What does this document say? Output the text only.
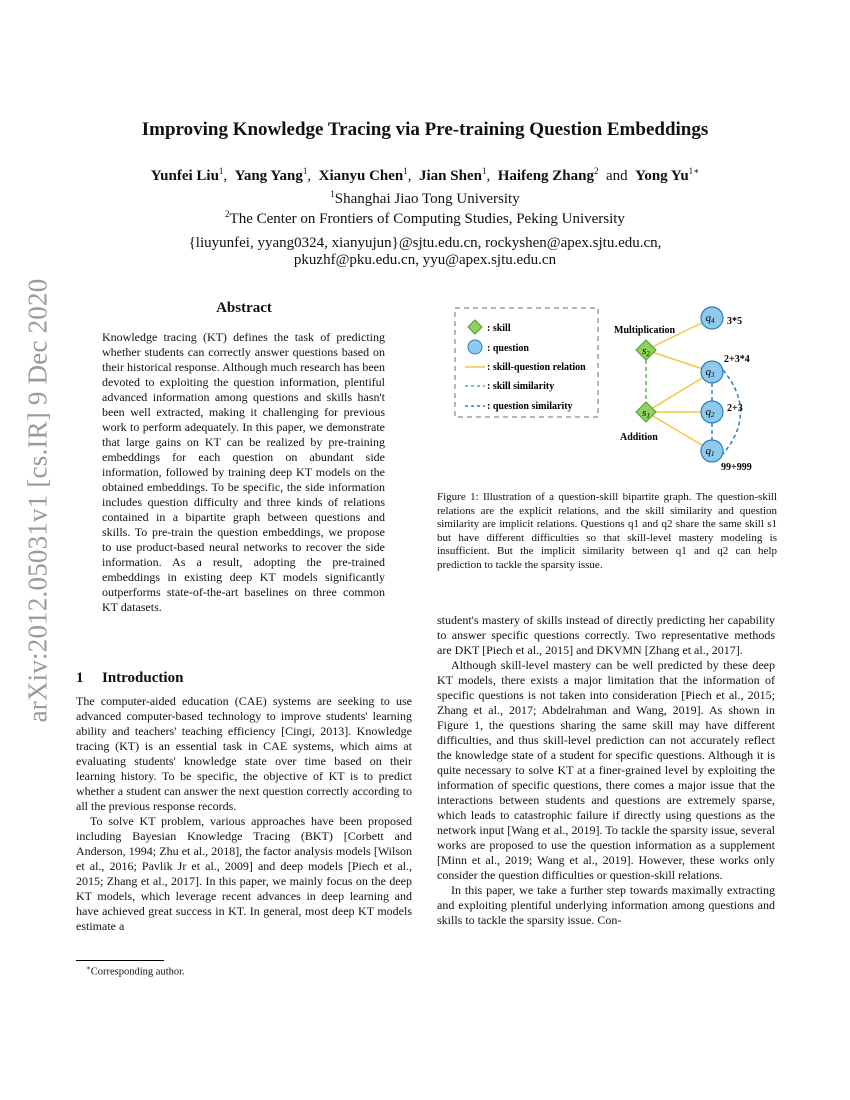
arXiv:2012.05031v1 [cs.IR] 9 Dec 2020
Improving Knowledge Tracing via Pre-training Question Embeddings
Yunfei Liu$^1$,  Yang Yang$^1$,  Xianyu Chen$^1$,  Jian Shen$^1$,  Haifeng Zhang$^2$ and Yong $Yu^{1∗}$
$^1$Shanghai Jiao Tong University
$^2$The Center on Frontiers of Computing Studies, Peking University
{liuyunfei, yyang0324, xianyujun}@sjtu.edu.cn, rockyshen@apex.sjtu.edu.cn,
pkuzhf@pku.edu.cn, yyu@apex.sjtu.edu.cn
Abstract

Knowledge tracing (KT) defines the task of predicting whether students can correctly answer questions based on their historical response. Although much research has been devoted to exploiting the question information, plentiful advanced information among questions and skills hasn't been well extracted, making it challenging for previous work to perform adequately. In this paper, we demonstrate that large gains on KT can be realized by pre-training embeddings for each question on abundant side information, followed by training deep KT models on the obtained embeddings. To be specific, the side information includes question difficulty and three kinds of relations contained in a bipartite graph between questions and skills. To pre-train the question embeddings, we propose to use product-based neural networks to recover the side information. As a result, adopting the pre-trained embeddings in existing deep KT models significantly outperforms state-of-the-art baselines on three common KT datasets.

1 Introduction

The computer-aided education (CAE) systems are seeking to use advanced computer-based technology to improve students' learning ability and teachers' teaching efficiency [Cingi, 2013]. Knowledge tracing (KT) is an essential task in CAE systems, which aims at evaluating students' knowledge state over time based on their learning history. To be specific, the objective of KT is to predict whether a student can answer the next question correctly according to all the previous response records.

To solve KT problem, various approaches have been proposed including Bayesian Knowledge Tracing (BKT) [Corbett and Anderson, 1994; Zhu et al., 2018], the factor analysis models [Wilson et al., 2016; Pavlik Jr et al., 2009] and deep models [Piech et al., 2015; Zhang et al., 2017]. In this paper, we mainly focus on the deep KT models, which leverage recent advances in deep learning and have achieved great success in KT. In general, most deep KT models estimate a

∗Corresponding author.
: skill
: question
: skill-question relation
: skill similarity
: question similarity
s2
Multiplication
s1
Addition
q4 3*5
q3
2+3*4
q2
2+3
q1
99+999

Figure 1: Illustration of a question-skill bipartite graph. The question-skill relations are the explicit relations, and the skill similarity and question similarity are implicit relations. Questions q1 and q2 share the same skill s1 but have different difficulties so that skill-level mastery modeling is insufficient. But the implicit similarity between q1 and q2 can help prediction to tackle the sparsity issue.

student's mastery of skills instead of directly predicting her capability to answer specific questions correctly. Two representative methods are DKT [Piech et al., 2015] and DKVMN [Zhang et al., 2017].

Although skill-level mastery can be well predicted by these deep KT models, there exists a major limitation that the information of specific questions is not taken into consideration [Piech et al., 2015; Zhang et al., 2017; Abdelrahman and Wang, 2019]. As shown in Figure 1, the questions sharing the same skill may have different difficulties, and thus skill-level prediction can not accurately reflect the knowledge state of a student for specific questions. Although it is quite necessary to solve KT at a finer-grained level by exploiting the information of specific questions, there comes a major issue that the interactions between students and questions are extremely sparse, which leads to catastrophic failure if directly using questions as the network input [Wang et al., 2019]. To tackle the sparsity issue, several works are proposed to use the question information as a supplement [Minn et al., 2019; Wang et al., 2019]. However, these works only consider the question difficulties or question-skill relations.

In this paper, we take a further step towards maximally extracting and exploiting plentiful underlying information among questions and skills to tackle the sparsity issue. Con-
